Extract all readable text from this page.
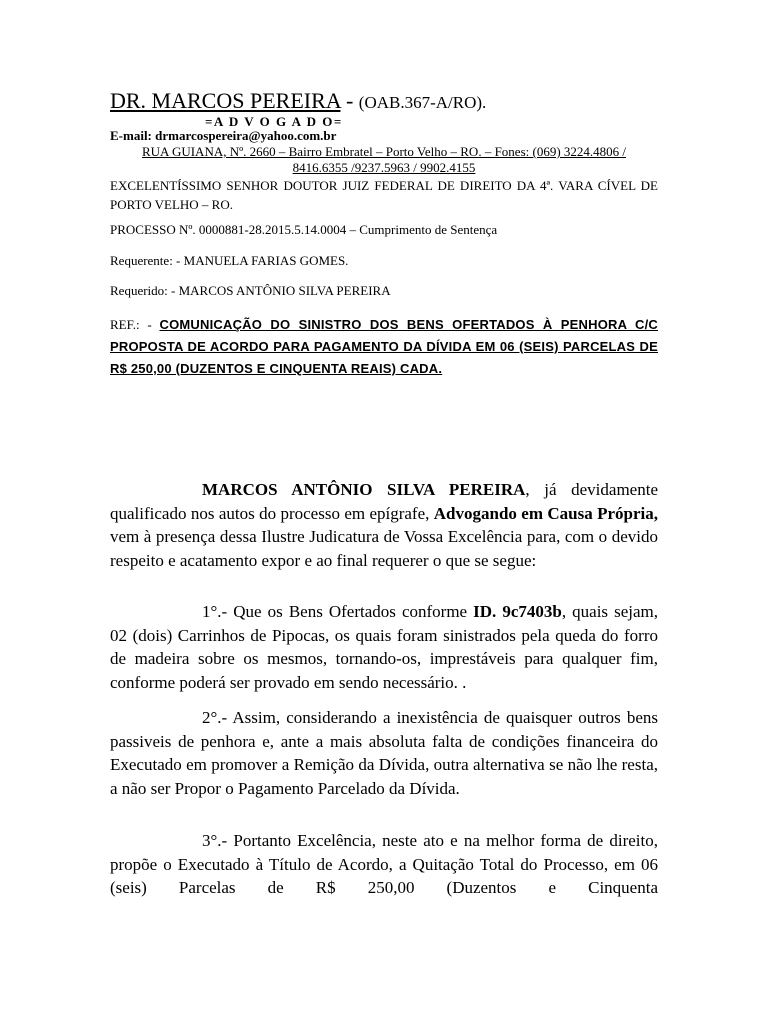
DR. MARCOS PEREIRA - (OAB.367-A/RO).
=A D V O G A D O=
E-mail: drmarcospereira@yahoo.com.br
RUA GUIANA, Nº. 2660 – Bairro Embratel – Porto Velho – RO. – Fones: (069) 3224.4806 /
8416.6355 /9237.5963 / 9902.4155
EXCELENTÍSSIMO SENHOR DOUTOR JUIZ FEDERAL DE DIREITO DA 4ª. VARA CÍVEL DE PORTO VELHO – RO.
PROCESSO Nº. 0000881-28.2015.5.14.0004 – Cumprimento de Sentença
Requerente: - MANUELA FARIAS GOMES.
Requerido: - MARCOS ANTÔNIO SILVA PEREIRA
REF.: - COMUNICAÇÃO DO SINISTRO DOS BENS OFERTADOS À PENHORA C/C PROPOSTA DE ACORDO PARA PAGAMENTO DA DÍVIDA EM 06 (SEIS) PARCELAS DE R$ 250,00 (DUZENTOS E CINQUENTA REAIS) CADA.
MARCOS ANTÔNIO SILVA PEREIRA, já devidamente qualificado nos autos do processo em epígrafe, Advogando em Causa Própria, vem à presença dessa Ilustre Judicatura de Vossa Excelência para, com o devido respeito e acatamento expor e ao final requerer o que se segue:
1°.- Que os Bens Ofertados conforme ID. 9c7403b, quais sejam, 02 (dois) Carrinhos de Pipocas, os quais foram sinistrados pela queda do forro de madeira sobre os mesmos, tornando-os, imprestáveis para qualquer fim, conforme poderá ser provado em sendo necessário. .
2°.- Assim, considerando a inexistência de quaisquer outros bens passiveis de penhora e, ante a mais absoluta falta de condições financeira do Executado em promover a Remição da Dívida, outra alternativa se não lhe resta, a não ser Propor o Pagamento Parcelado da Dívida.
3°.- Portanto Excelência, neste ato e na melhor forma de direito, propõe o Executado à Título de Acordo, a Quitação Total do Processo, em 06 (seis) Parcelas de R$ 250,00 (Duzentos e Cinquenta
